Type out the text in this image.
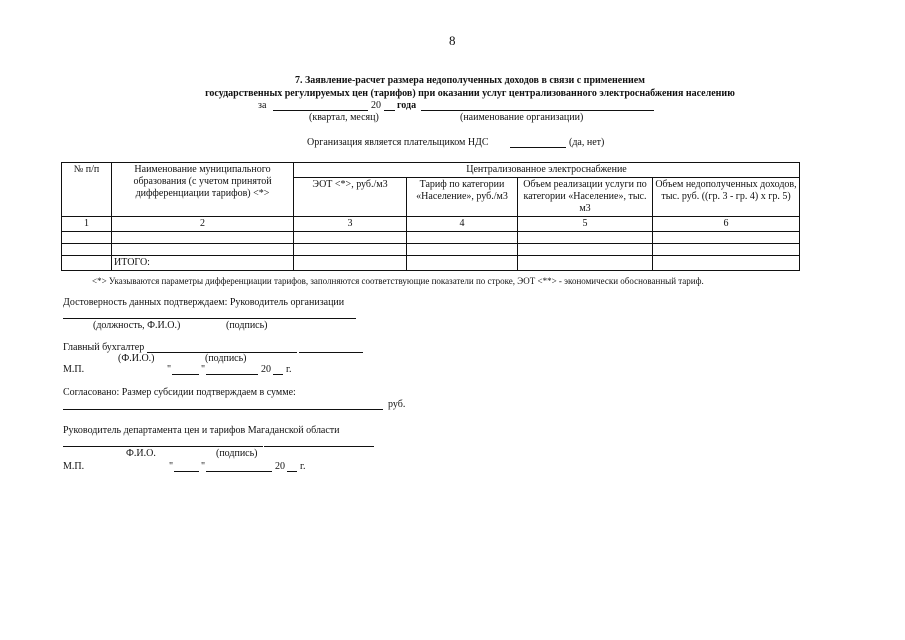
8
7. Заявление-расчет размера недополученных доходов в связи с применением
государственных регулируемых цен (тарифов) при оказании услуг централизованного электроснабжения населению
за	20 года
(квартал, месяц)	(наименование организации)
Организация является плательщиком НДС	(да, нет)
№ п/п	Наименование муниципального образования (с учетом принятой дифференциации тарифов) <*>	Централизованное электроснабжение			
		ЭОТ <*>, руб./м3	Тариф по категории «Население», руб./м3	Объем реализации услуги по категории «Население», тыс. м3	Объем недополученных доходов, тыс. руб. ((гр. 3 - гр. 4) x гр. 5)
1	2	3	4	5	6

	ИТОГО:				
<*> Указываются параметры дифференциации тарифов, заполняются соответствующие показатели по строке, ЭОТ <**> - экономически обоснованный тариф.
Достоверность данных подтверждаем: Руководитель организации
(должность, Ф.И.О.)	(подпись)
Главный бухгалтер
(Ф.И.О.)	(подпись)
М.П.	"	"	20 г.
Согласовано: Размер субсидии подтверждаем в сумме:
руб.
Руководитель департамента цен и тарифов Магаданской области
Ф.И.О.	(подпись)
М.П.	"	"	20 г.
